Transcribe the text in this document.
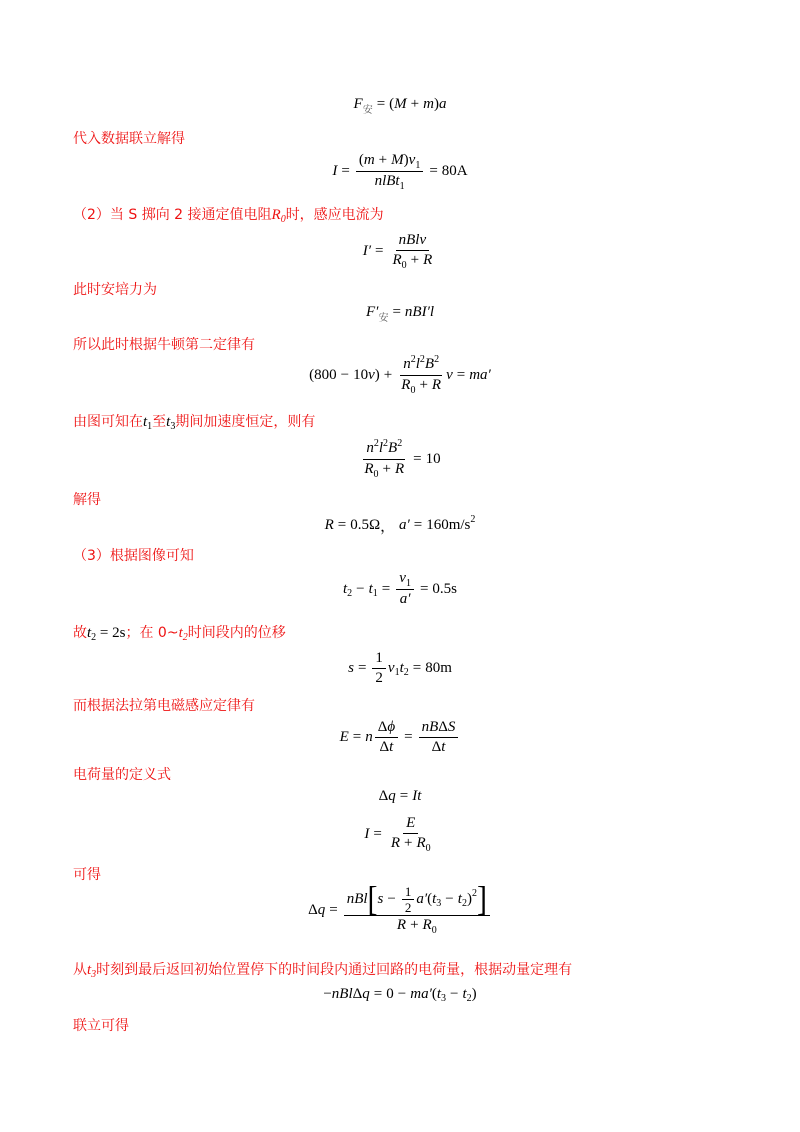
F 安 = ( M + m ) a
代入数据联立解得
$I = \frac{(m + M)v_1}{nlBt_1} = 80A$
（2）当 S 掷向 2 接通定值电阻$R_0$时，感应电流为
$I' = \frac{\text{nBlv}}{R_0 + R}$
此时安培力为
F′ 安 = nBI′l
所以此时根据牛顿第二定律有
( 800 − 10 v ) + $\frac{n^2l^2B^2}{R_0 + R}$ v = ma′
由图可知在$t_1$至$t_3$期间加速度恒定，则有
$\frac{n^2l^2B^2}{R_0 + R} = 10$
解得
R = 0.5Ω ， a′ = 160m/s 2
（3）根据图像可知
t 2 − t $1 = \frac{v_1}{a'} = 0.5s$
故$t_2 = 2s$；在 $0\sim t_2$时间段内的位移
$s = \frac{1}{2}$ v 1 t 2 = 80m
而根据法拉第电磁感应定律有
E = n $\frac{\Delta\phi}{\Delta t} = \frac{\text{nBΔS}}{\Delta t}$
电荷量的定义式
Δ q = It
$I = \frac{E}{R + R_0}$
可得
Δ $q = \frac{nBl [ s - \frac{1}{2} a' ( t 3 - t 2 ) 2 ]}{R + R_0}$
从$t_3$时刻到最后返回初始位置停下的时间段内通过回路的电荷量，根据动量定理有
− nBl Δ q = 0 − ma′ ( t 3 − t 2 )
联立可得
